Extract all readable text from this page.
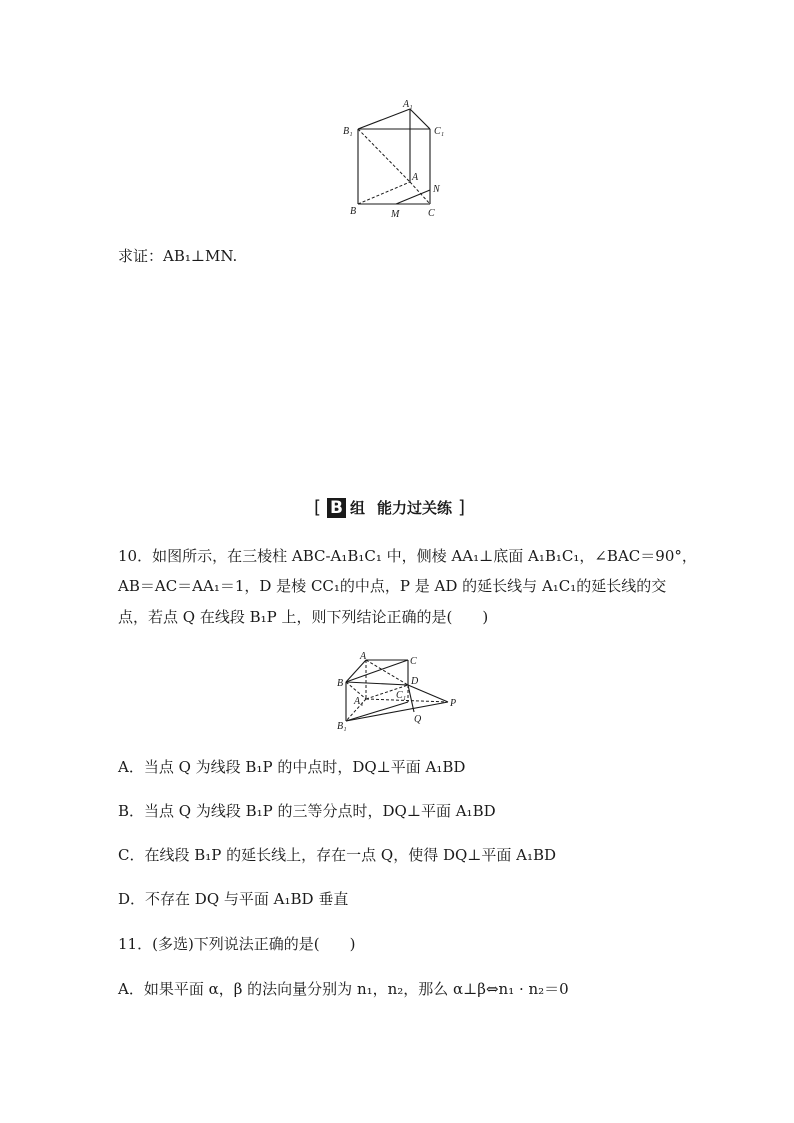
A₁
B₁	C₁
A
N
B	M	C
求证：AB₁⊥MN.
[ B 组 能力过关练 ]
10．如图所示，在三棱柱 ABC-A₁B₁C₁ 中，侧棱 AA₁⊥底面 A₁B₁C₁，∠BAC＝90°，
AB＝AC＝AA₁＝1，D 是棱 CC₁的中点，P 是 AD 的延长线与 A₁C₁的延长线的交
点，若点 Q 在线段 B₁P 上，则下列结论正确的是(　　)
A	C
B	D
C₁
A₁	P
Q
B₁
A．当点 Q 为线段 B₁P 的中点时，DQ⊥平面 A₁BD
B．当点 Q 为线段 B₁P 的三等分点时，DQ⊥平面 A₁BD
C．在线段 B₁P 的延长线上，存在一点 Q，使得 DQ⊥平面 A₁BD
D．不存在 DQ 与平面 A₁BD 垂直
11．(多选)下列说法正确的是(　　)
A．如果平面 α，β 的法向量分别为 n₁，n₂，那么 α⊥β⇔n₁ · n₂＝0
